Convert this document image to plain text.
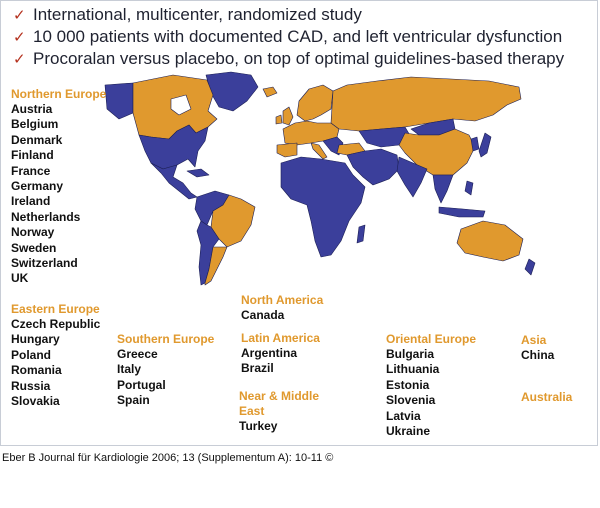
✓ International, multicenter, randomized study
✓ 10 000 patients with documented CAD, and left ventricular dysfunction
✓ Procoralan versus placebo, on top of optimal guidelines-based therapy
Northern Europe
Austria
Belgium
Denmark
Finland
France
Germany
Ireland
Netherlands
Norway
Sweden
Switzerland
UK
Eastern Europe
Czech Republic
Hungary
Poland
Romania
Russia
Slovakia
Southern Europe
Greece
Italy
Portugal
Spain
North America
Canada
Latin America
Argentina
Brazil
Near & Middle
East
Turkey
Oriental Europe
Bulgaria
Lithuania
Estonia
Slovenia
Latvia
Ukraine
Asia
China
Australia
Eber B Journal für Kardiologie 2006; 13 (Supplementum A): 10-11 ©
